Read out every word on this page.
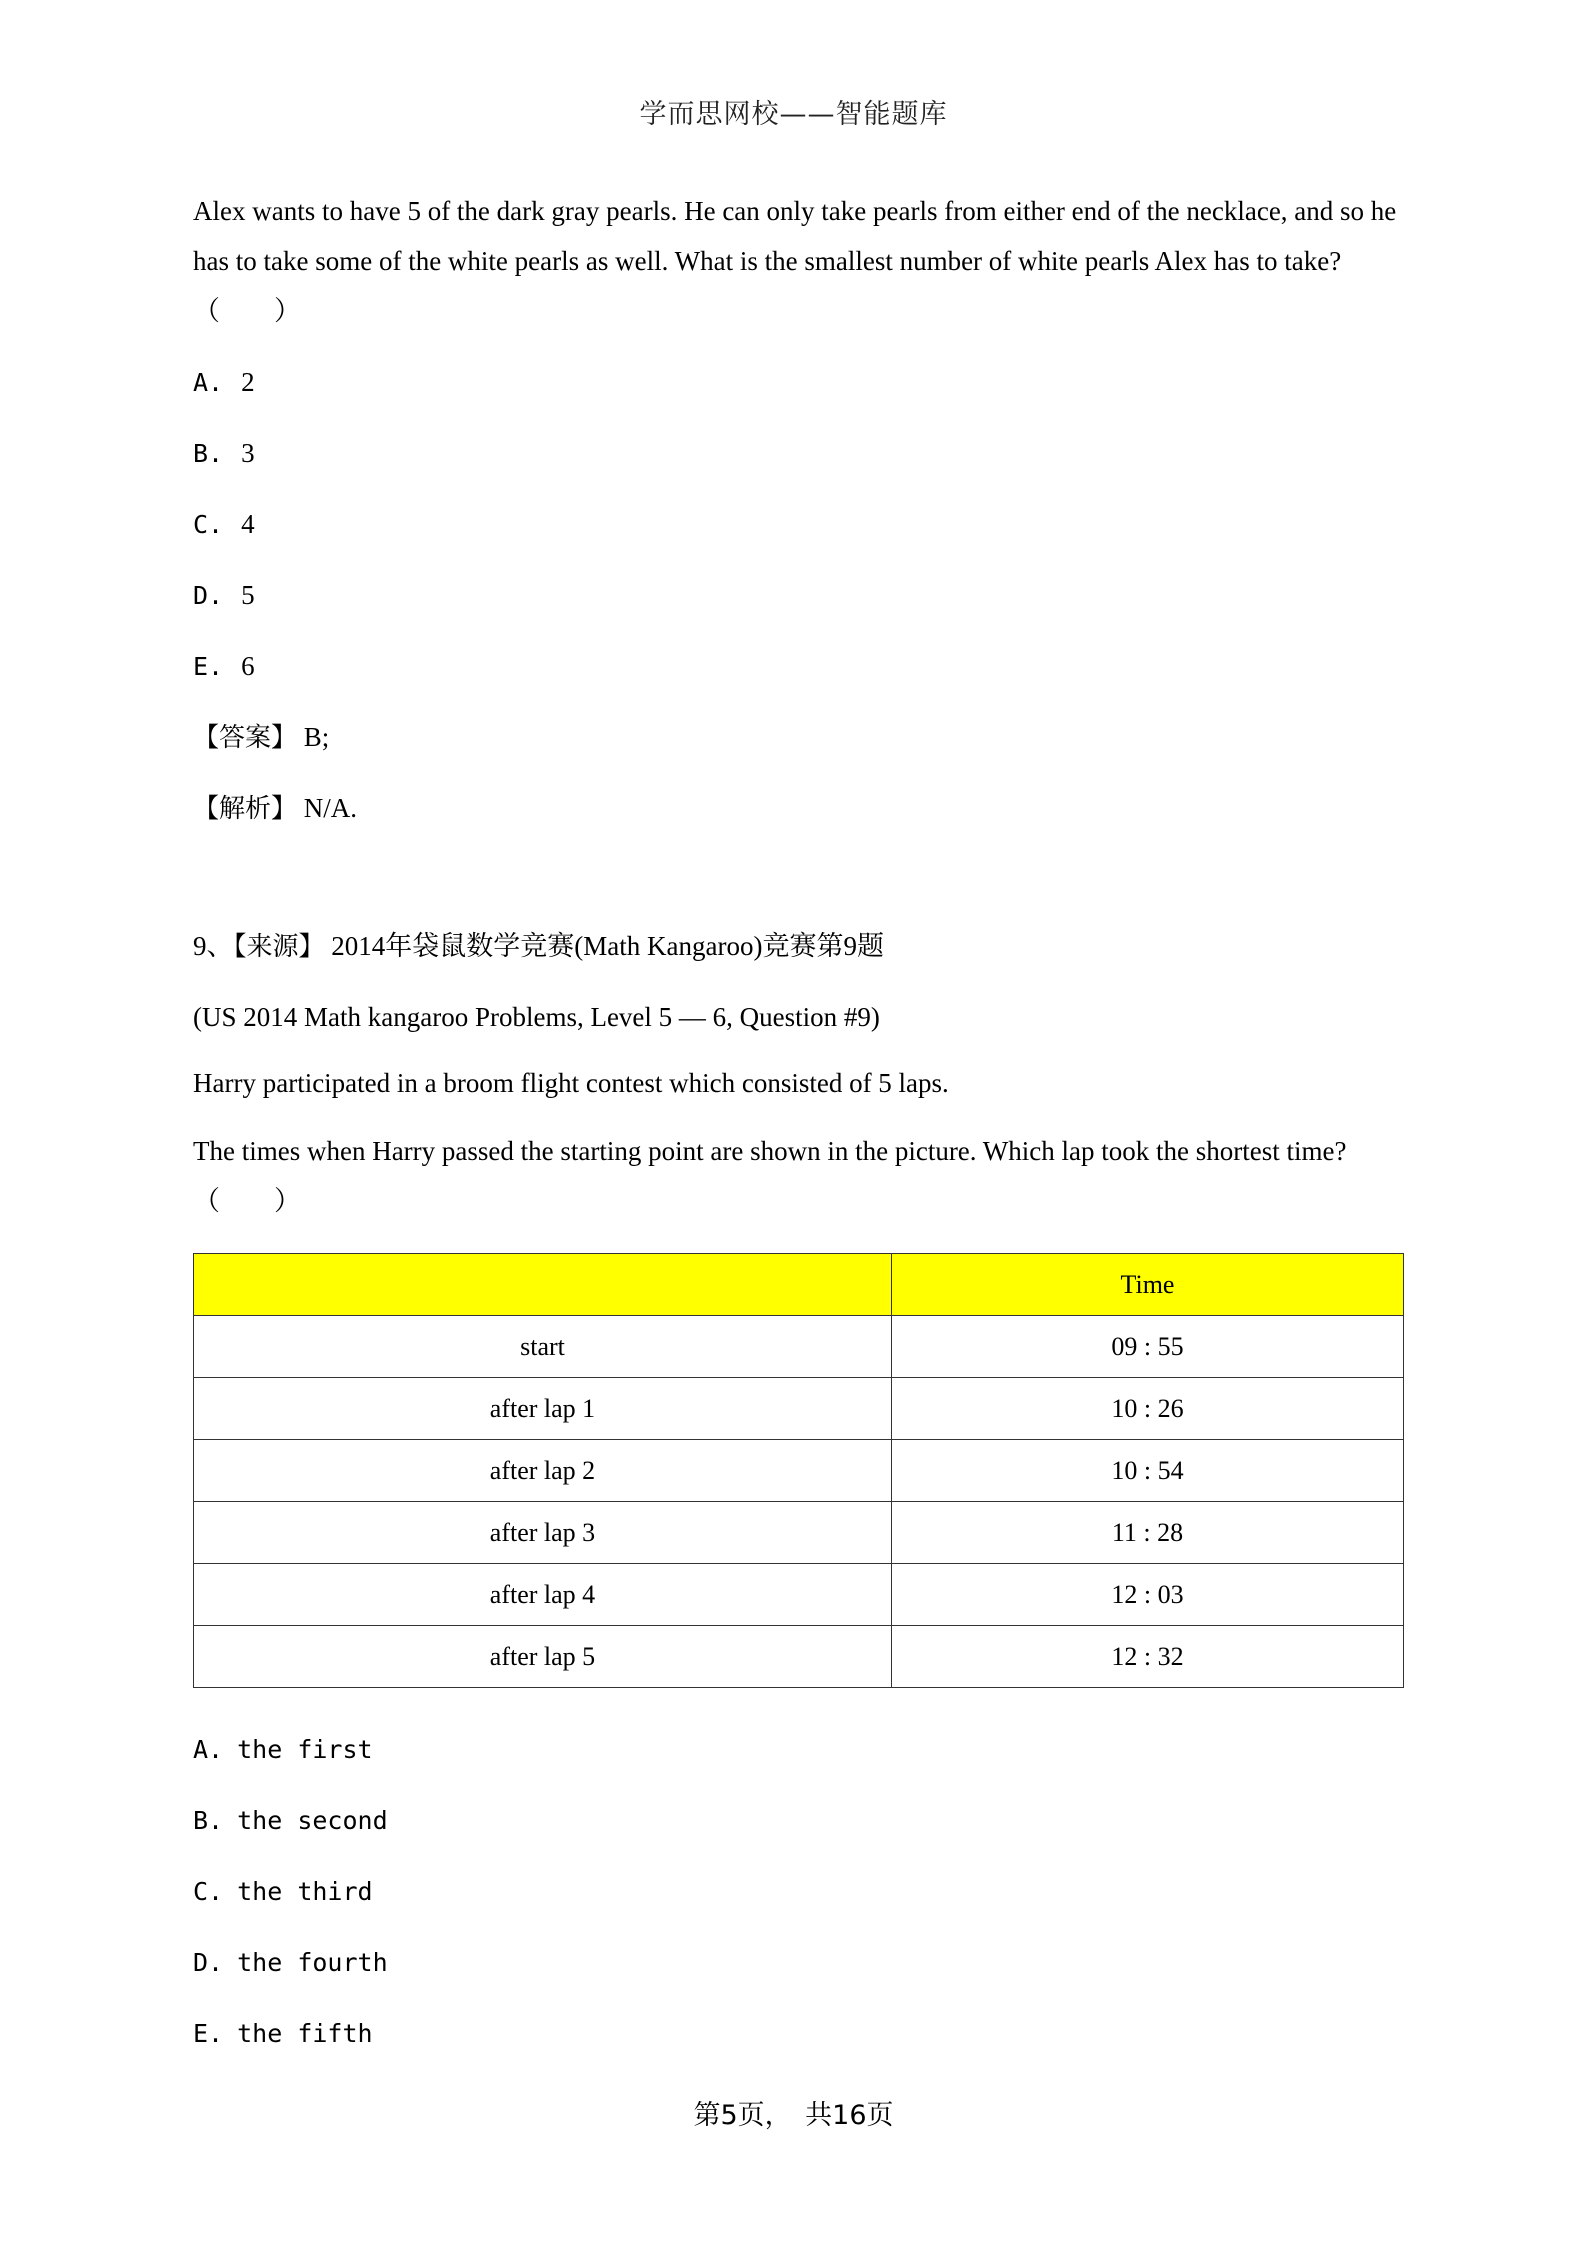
学而思网校——智能题库
Alex wants to have 5 of the dark gray pearls. He can only take pearls from either end of the necklace, and so he has to take some of the white pearls as well. What is the smallest number of white pearls Alex has to take?（　　）
A. 2
B. 3
C. 4
D. 5
E. 6
【答案】 B;
【解析】 N/A.
9、【来源】 2014年袋鼠数学竞赛(Math Kangaroo)竞赛第9题
(US 2014 Math kangaroo Problems, Level 5 — 6, Question #9)
Harry participated in a broom flight contest which consisted of 5 laps.
The times when Harry passed the starting point are shown in the picture. Which lap took the shortest time?（　　）
	Time
start	09 : 55
after lap 1	10 : 26
after lap 2	10 : 54
after lap 3	11 : 28
after lap 4	12 : 03
after lap 5	12 : 32
A. the first
B. the second
C. the third
D. the fourth
E. the fifth
第5页，　共16页
